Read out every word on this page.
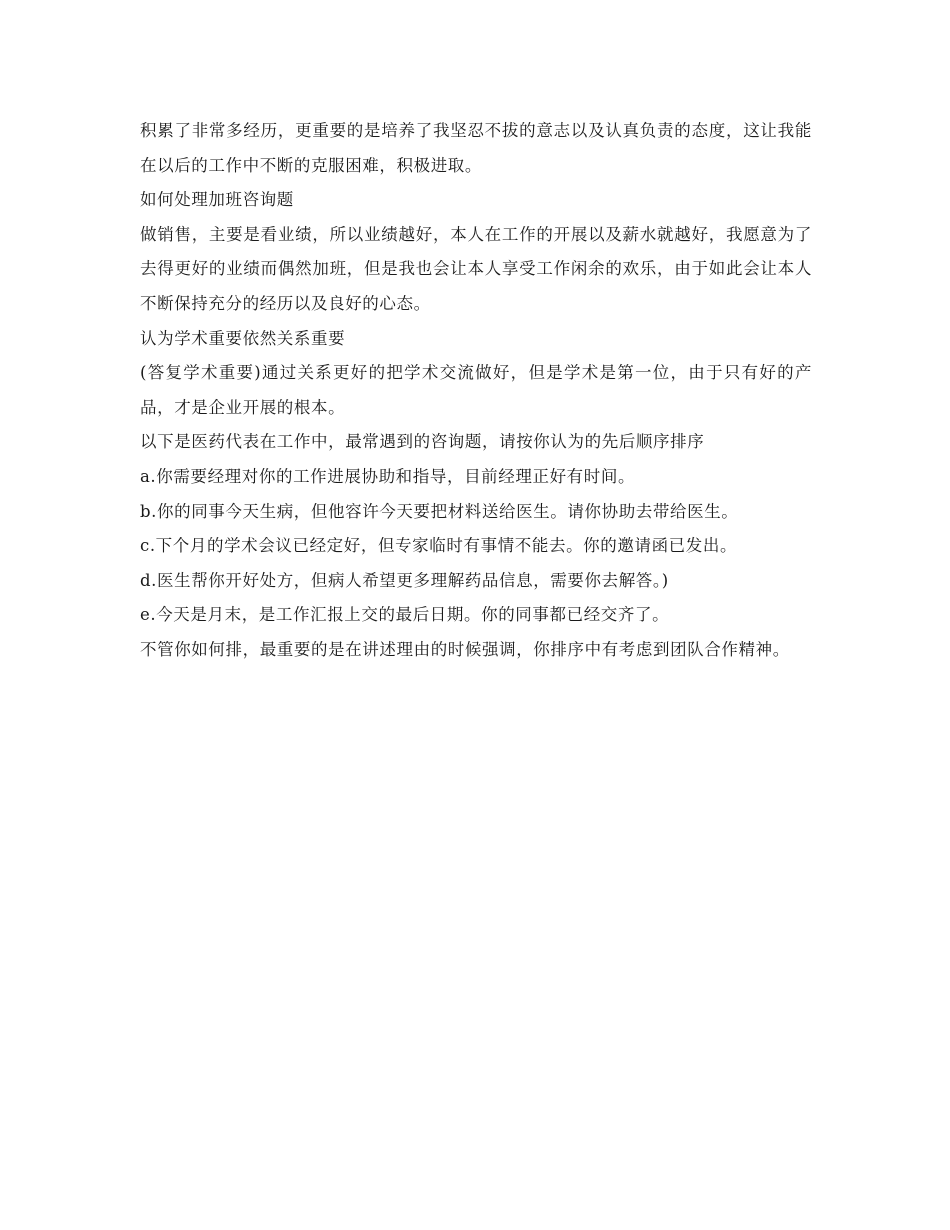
积累了非常多经历，更重要的是培养了我坚忍不拔的意志以及认真负责的态度，这让我能在以后的工作中不断的克服困难，积极进取。

如何处理加班咨询题

做销售，主要是看业绩，所以业绩越好，本人在工作的开展以及薪水就越好，我愿意为了去得更好的业绩而偶然加班，但是我也会让本人享受工作闲余的欢乐，由于如此会让本人不断保持充分的经历以及良好的心态。

认为学术重要依然关系重要

(答复学术重要)通过关系更好的把学术交流做好，但是学术是第一位，由于只有好的产品，才是企业开展的根本。

以下是医药代表在工作中，最常遇到的咨询题，请按你认为的先后顺序排序

a.你需要经理对你的工作进展协助和指导，目前经理正好有时间。

b.你的同事今天生病，但他容许今天要把材料送给医生。请你协助去带给医生。

c.下个月的学术会议已经定好，但专家临时有事情不能去。你的邀请函已发出。

d.医生帮你开好处方，但病人希望更多理解药品信息，需要你去解答。)

e.今天是月末，是工作汇报上交的最后日期。你的同事都已经交齐了。

不管你如何排，最重要的是在讲述理由的时候强调，你排序中有考虑到团队合作精神。
